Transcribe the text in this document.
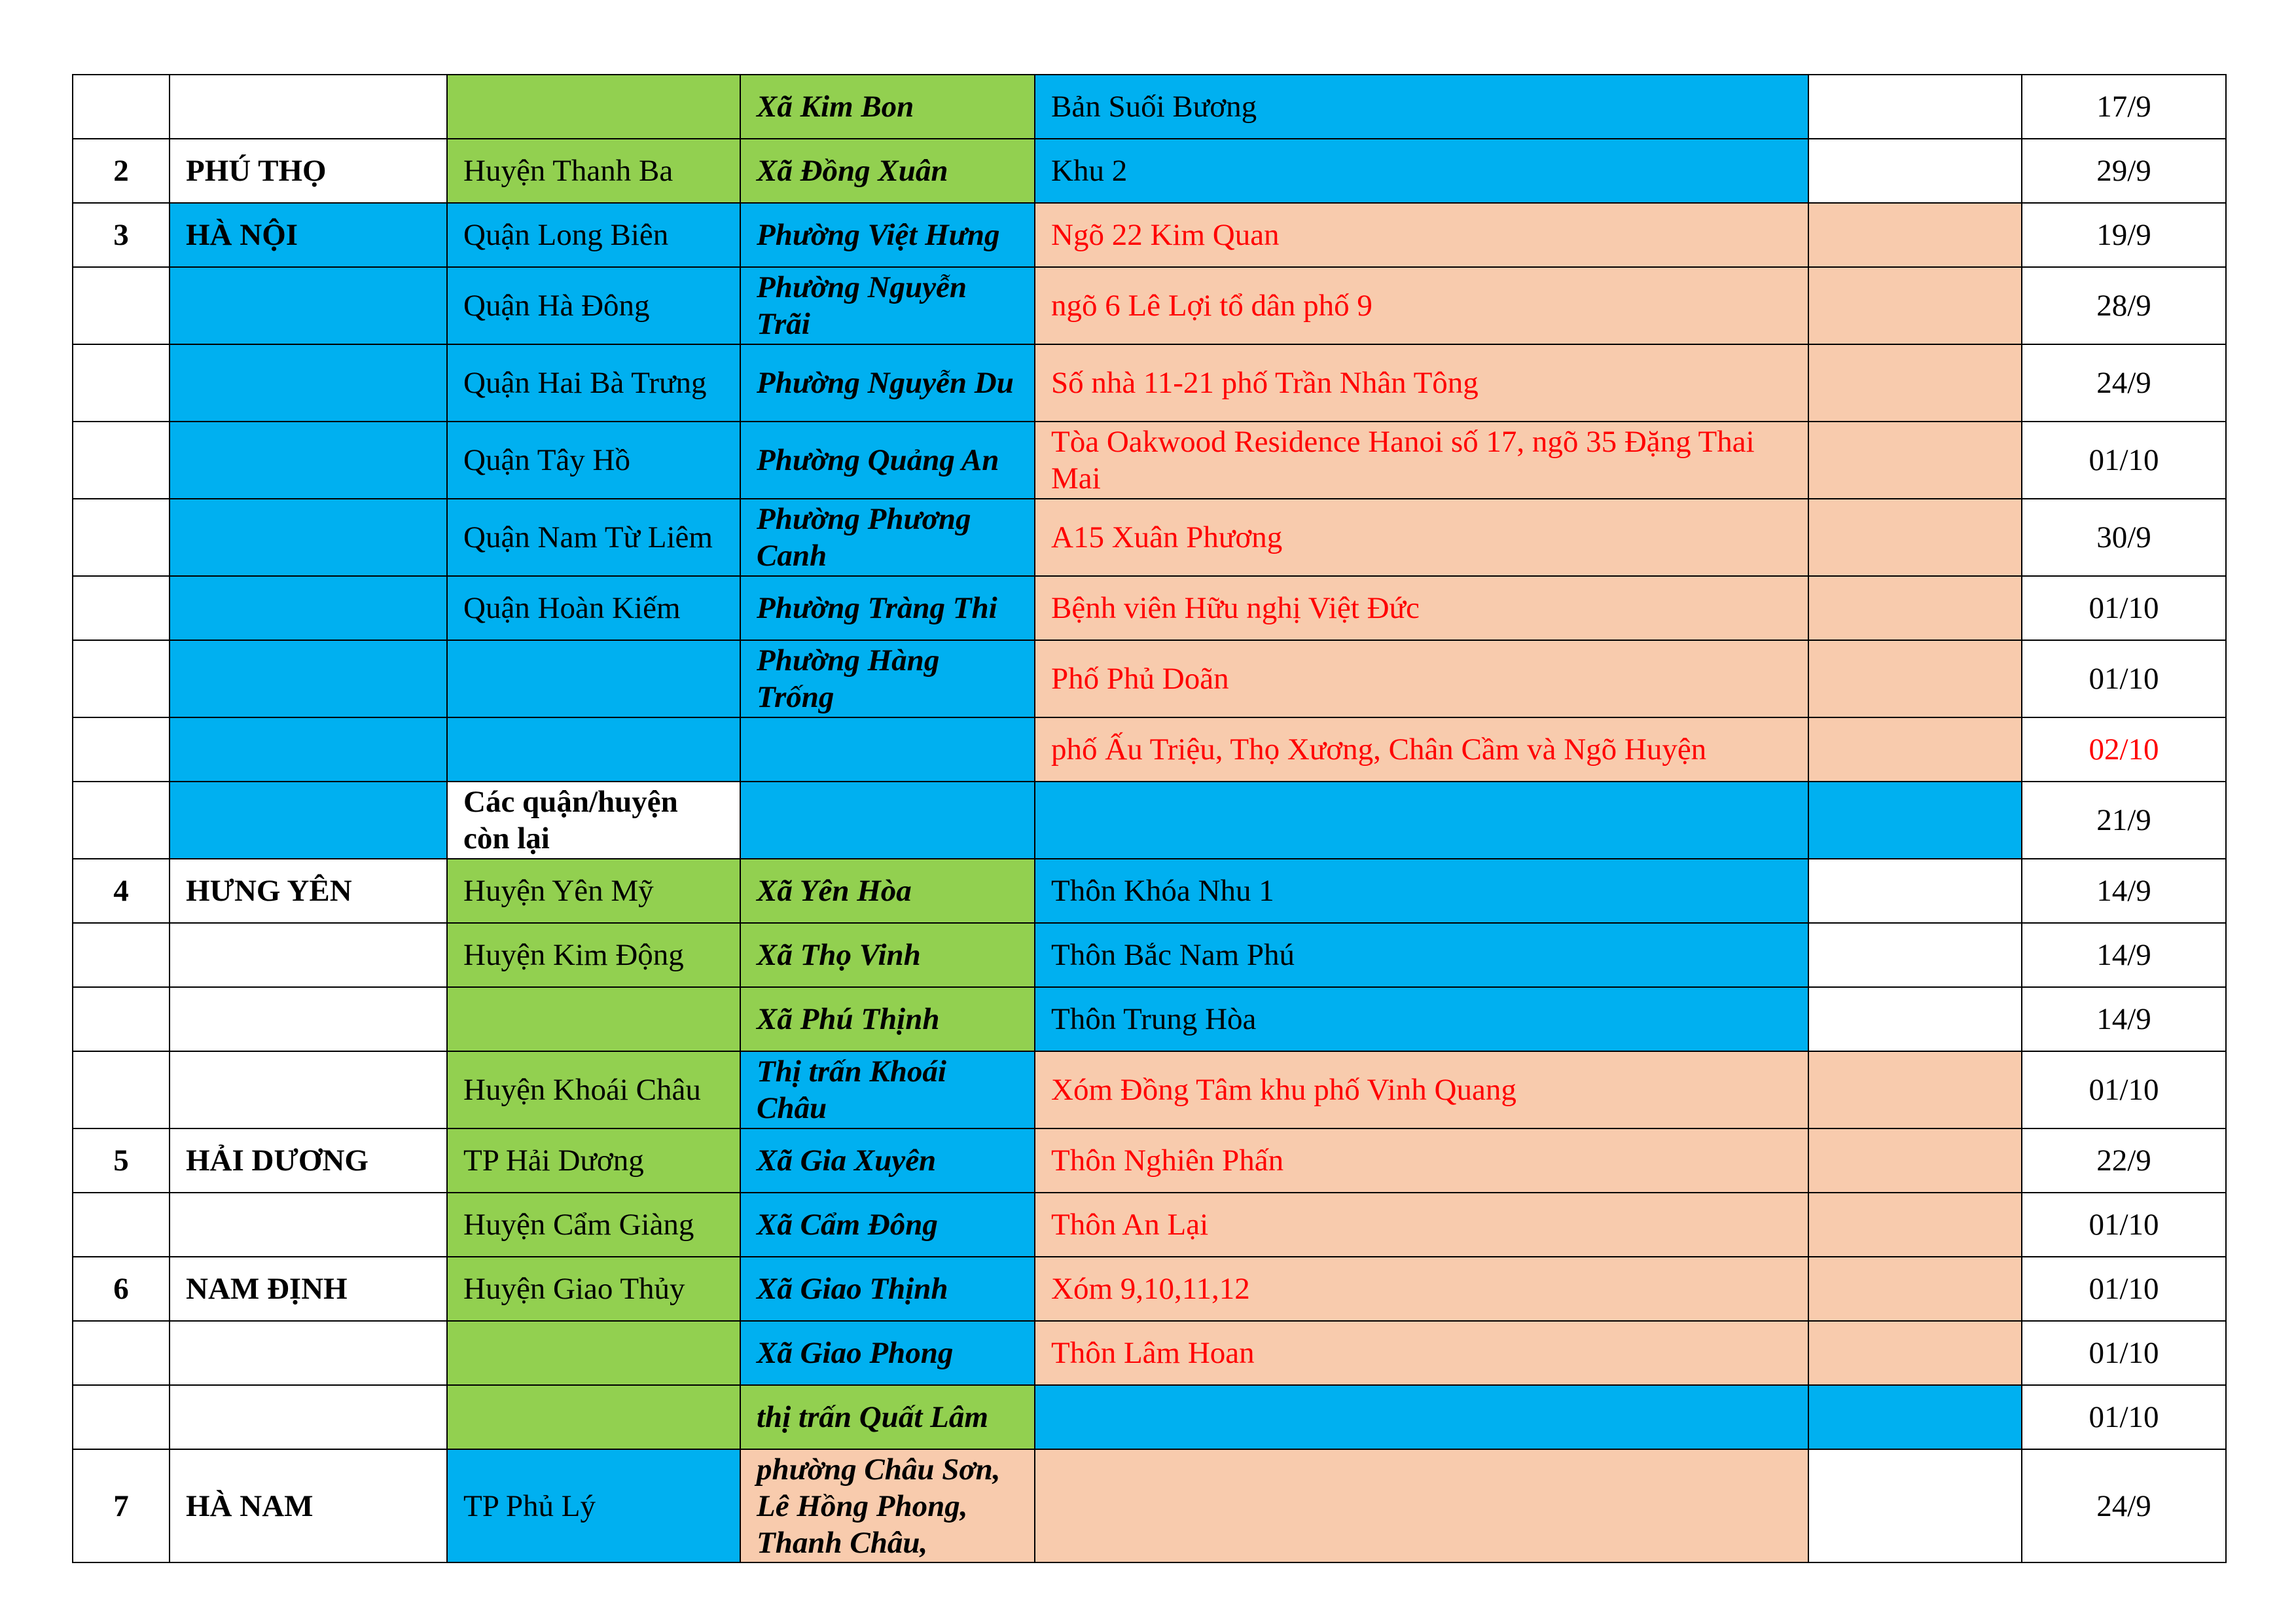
			Xã Kim Bon	Bản Suối Bương		17/9
2	PHÚ THỌ	Huyện Thanh Ba	Xã Đồng Xuân	Khu 2		29/9
3	HÀ NỘI	Quận Long Biên	Phường Việt Hưng	Ngõ 22 Kim Quan		19/9
		Quận Hà Đông	Phường Nguyễn Trãi	ngõ 6 Lê Lợi tổ dân phố 9		28/9
		Quận Hai Bà Trưng	Phường Nguyễn Du	Số nhà 11-21 phố Trần Nhân Tông		24/9
		Quận Tây Hồ	Phường Quảng An	Tòa Oakwood Residence Hanoi số 17, ngõ 35 Đặng Thai Mai		01/10
		Quận Nam Từ Liêm	Phường Phương Canh	A15 Xuân Phương		30/9
		Quận Hoàn Kiếm	Phường Tràng Thi	Bệnh viên Hữu nghị Việt Đức		01/10
			Phường Hàng Trống	Phố Phủ Doãn		01/10
				phố Ấu Triệu, Thọ Xương, Chân Cầm và Ngõ Huyện		02/10
		Các quận/huyện còn lại				21/9
4	HƯNG YÊN	Huyện Yên Mỹ	Xã Yên Hòa	Thôn Khóa Nhu 1		14/9
		Huyện Kim Động	Xã Thọ Vinh	Thôn Bắc Nam Phú		14/9
			Xã Phú Thịnh	Thôn Trung Hòa		14/9
		Huyện Khoái Châu	Thị trấn Khoái Châu	Xóm Đồng Tâm khu phố Vinh Quang		01/10
5	HẢI DƯƠNG	TP Hải Dương	Xã Gia Xuyên	Thôn Nghiên Phấn		22/9
		Huyện Cẩm Giàng	Xã Cẩm Đông	Thôn An Lại		01/10
6	NAM ĐỊNH	Huyện Giao Thủy	Xã Giao Thịnh	Xóm 9,10,11,12		01/10
			Xã Giao Phong	Thôn Lâm Hoan		01/10
			thị trấn Quất Lâm			01/10
7	HÀ NAM	TP Phủ Lý	phường Châu Sơn, Lê Hồng Phong, Thanh Châu,			24/9
